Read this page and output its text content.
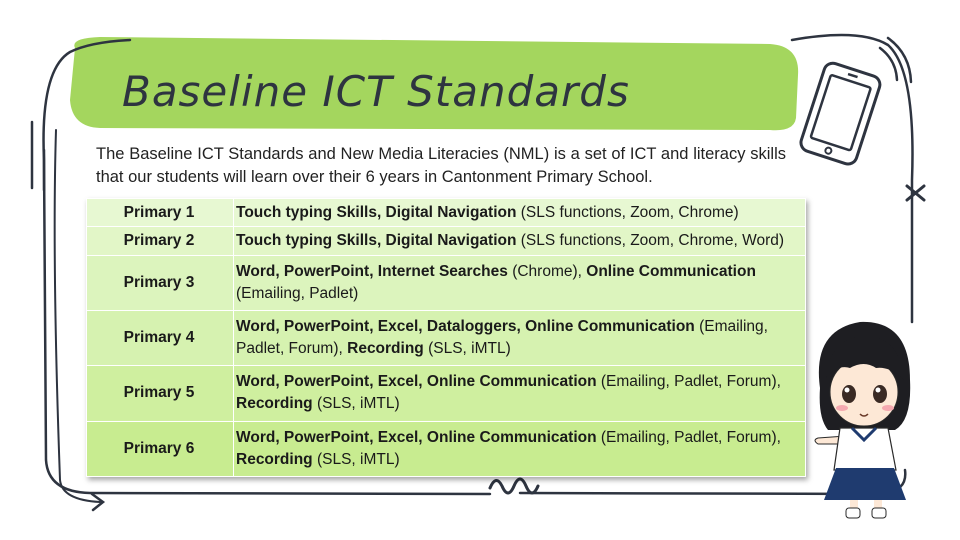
Baseline ICT Standards
The Baseline ICT Standards and New Media Literacies (NML) is a set of ICT and literacy skills that our students will learn over their 6 years in Cantonment Primary School.
Primary 1	Touch typing Skills, Digital Navigation (SLS functions, Zoom, Chrome)
Primary 2	Touch typing Skills, Digital Navigation (SLS functions, Zoom, Chrome, Word)
Primary 3	Word, PowerPoint, Internet Searches (Chrome), Online Communication (Emailing, Padlet)
Primary 4	Word, PowerPoint, Excel, Dataloggers, Online Communication (Emailing, Padlet, Forum), Recording (SLS, iMTL)
Primary 5	Word, PowerPoint, Excel, Online Communication (Emailing, Padlet, Forum), Recording (SLS, iMTL)
Primary 6	Word, PowerPoint, Excel, Online Communication (Emailing, Padlet, Forum), Recording (SLS, iMTL)
